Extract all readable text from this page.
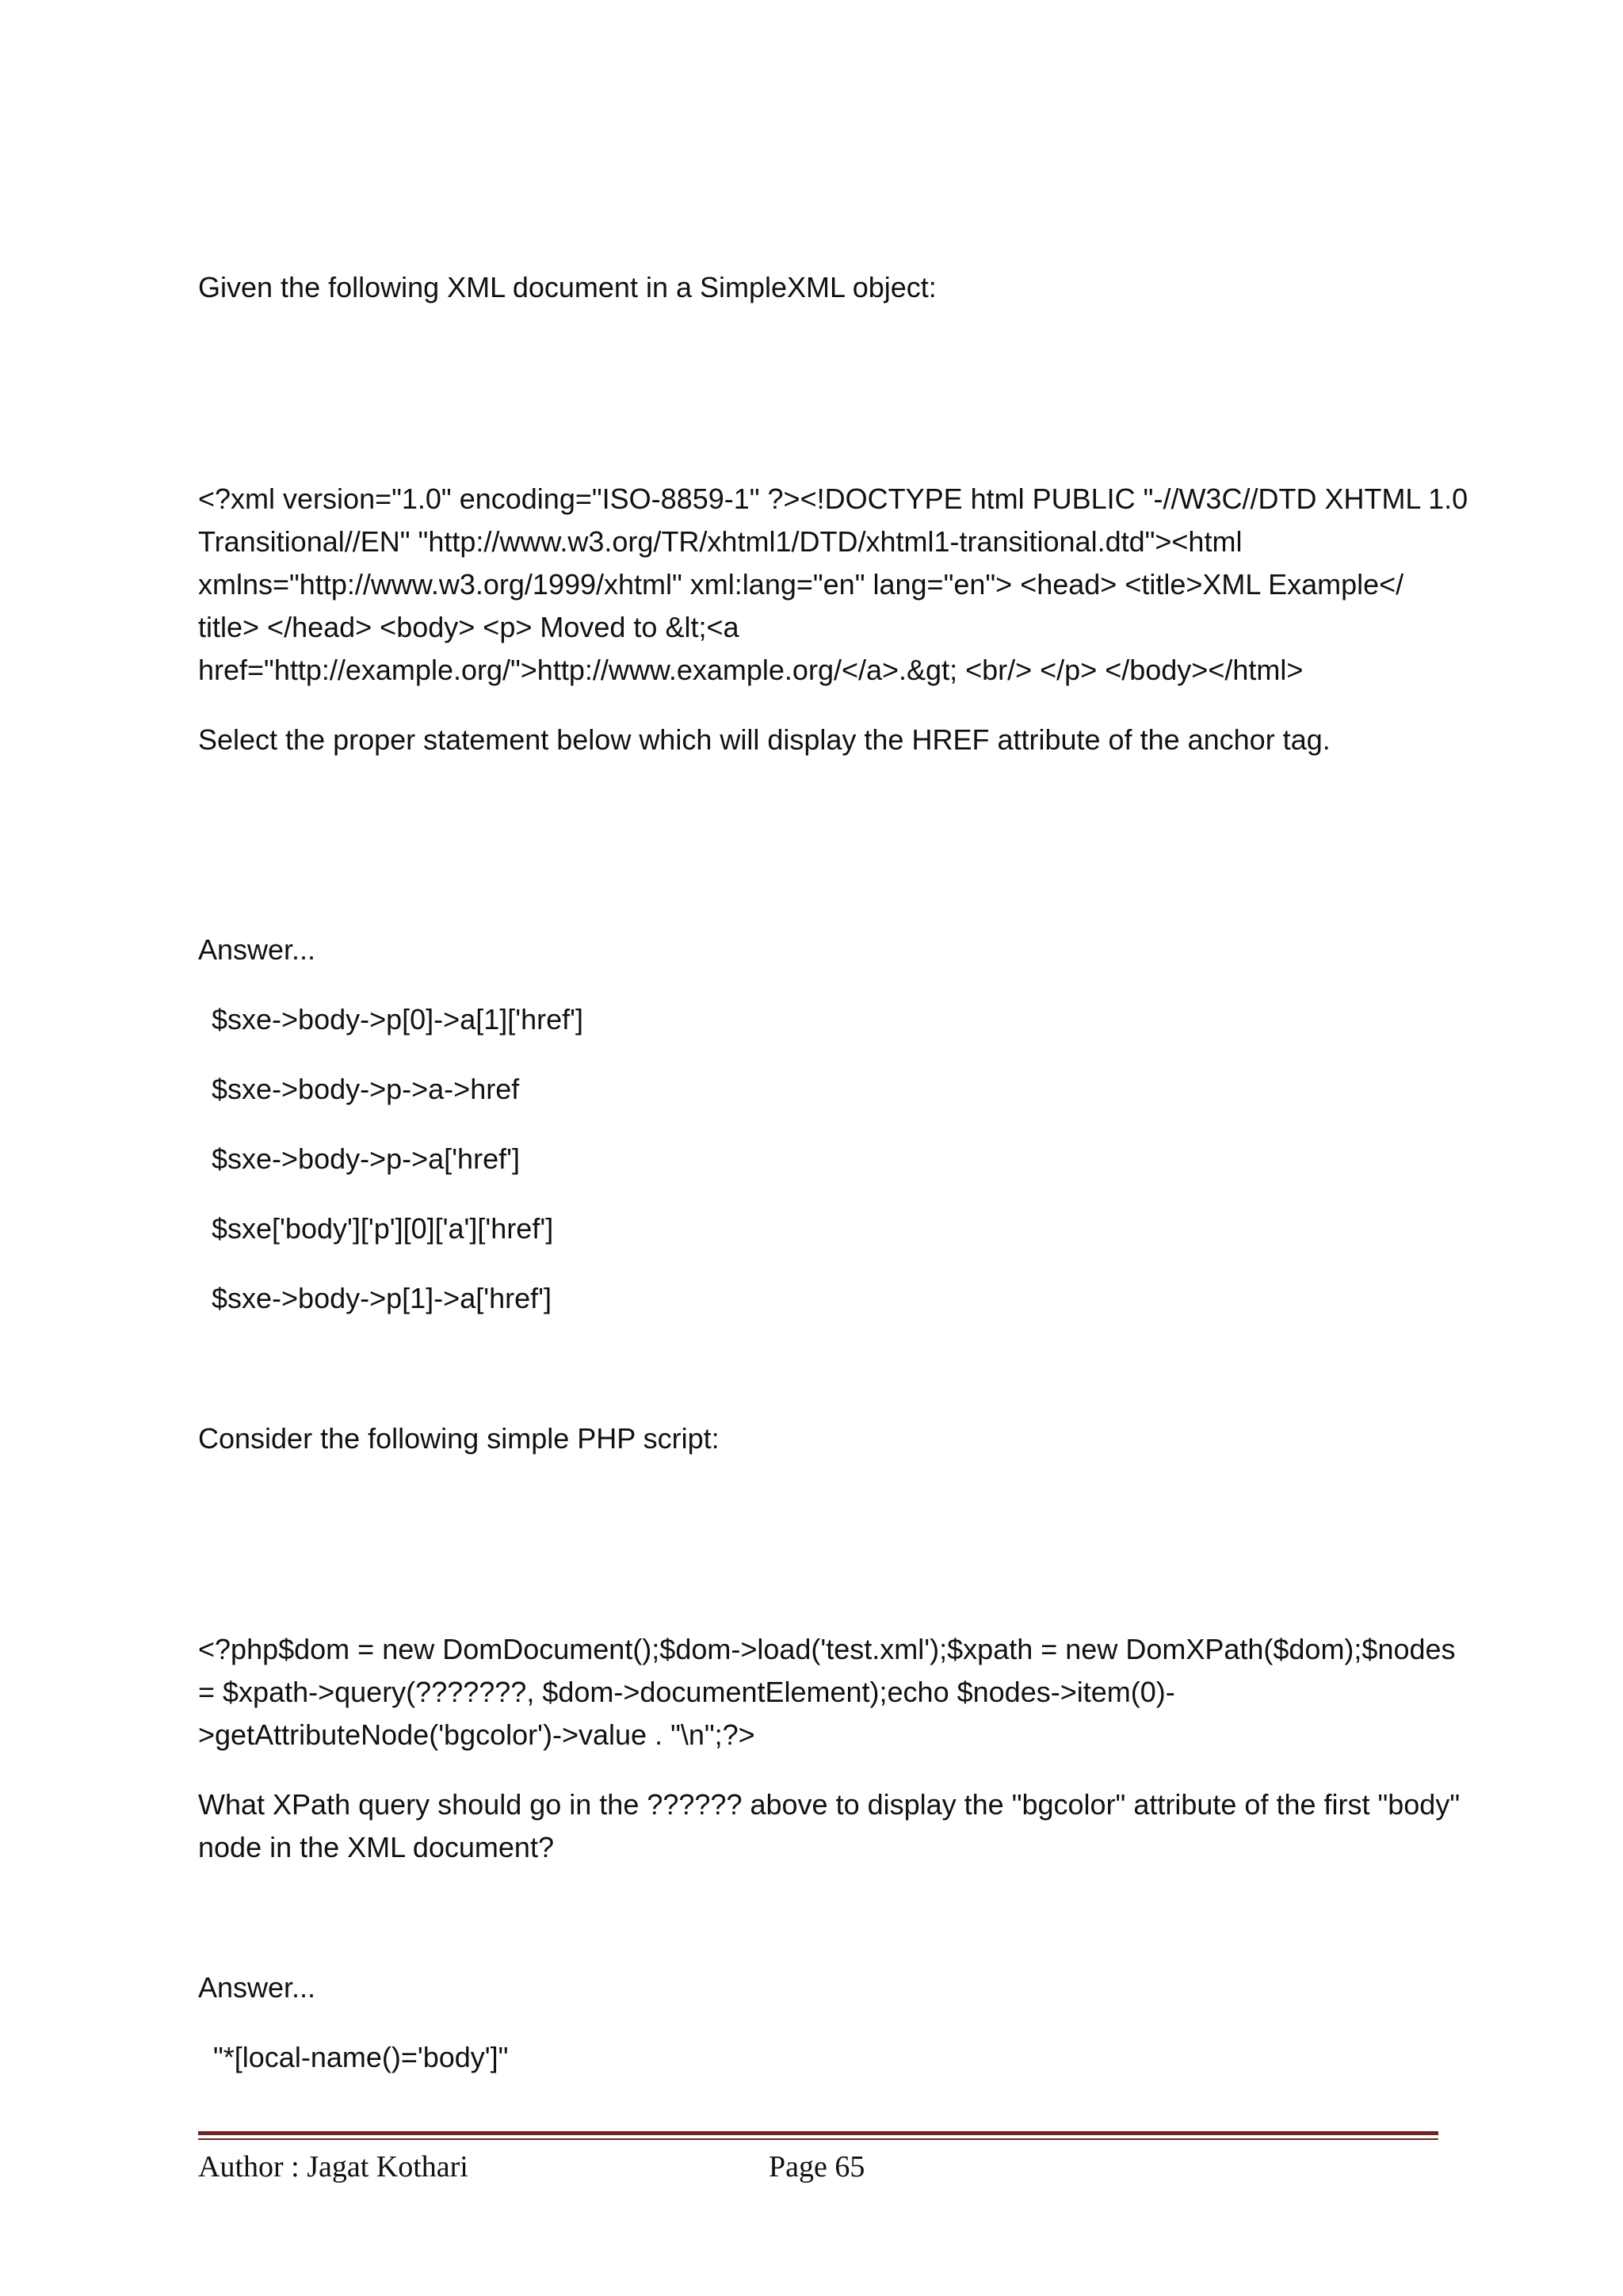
Given the following XML document in a SimpleXML object:
<?xml version="1.0" encoding="ISO-8859-1" ?><!DOCTYPE html PUBLIC "-//W3C//DTD XHTML 1.0
Transitional//EN" "http://www.w3.org/TR/xhtml1/DTD/xhtml1-transitional.dtd"><html
xmlns="http://www.w3.org/1999/xhtml" xml:lang="en" lang="en"> <head> <title>XML Example</
title> </head> <body> <p> Moved to &lt;<a
href="http://example.org/">http://www.example.org/</a>.&gt; <br/> </p> </body></html>
Select the proper statement below which will display the HREF attribute of the anchor tag.
Answer...
$sxe->body->p[0]->a[1]['href']
$sxe->body->p->a->href
$sxe->body->p->a['href']
$sxe['body']['p'][0]['a']['href']
$sxe->body->p[1]->a['href']
Consider the following simple PHP script:
<?php$dom = new DomDocument();$dom->load('test.xml');$xpath = new DomXPath($dom);$nodes
= $xpath->query(???????, $dom->documentElement);echo $nodes->item(0)-
>getAttributeNode('bgcolor')->value . "\n";?>
What XPath query should go in the ?????? above to display the "bgcolor" attribute of the first "body"
node in the XML document?
Answer...
"*[local-name()='body']"
Author : Jagat Kothari	Page 65
